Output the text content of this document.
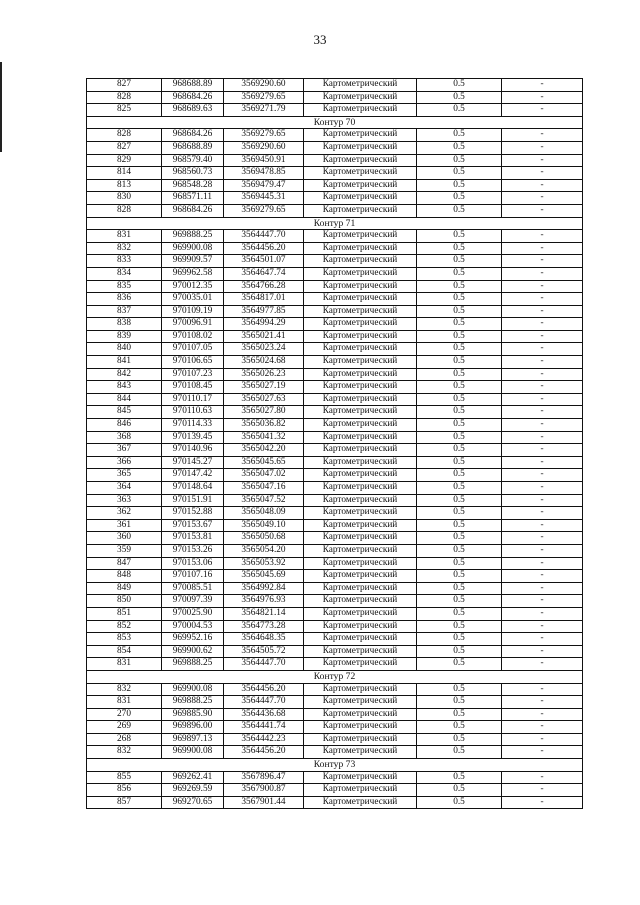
33
827	968688.89	3569290.60	Картометрический	0.5	-
828	968684.26	3569279.65	Картометрический	0.5	-
825	968689.63	3569271.79	Картометрический	0.5	-
Контур 70					
828	968684.26	3569279.65	Картометрический	0.5	-
827	968688.89	3569290.60	Картометрический	0.5	-
829	968579.40	3569450.91	Картометрический	0.5	-
814	968560.73	3569478.85	Картометрический	0.5	-
813	968548.28	3569479.47	Картометрический	0.5	-
830	968571.11	3569445.31	Картометрический	0.5	-
828	968684.26	3569279.65	Картометрический	0.5	-
Контур 71					
831	969888.25	3564447.70	Картометрический	0.5	-
832	969900.08	3564456.20	Картометрический	0.5	-
833	969909.57	3564501.07	Картометрический	0.5	-
834	969962.58	3564647.74	Картометрический	0.5	-
835	970012.35	3564766.28	Картометрический	0.5	-
836	970035.01	3564817.01	Картометрический	0.5	-
837	970109.19	3564977.85	Картометрический	0.5	-
838	970096.91	3564994.29	Картометрический	0.5	-
839	970108.02	3565021.41	Картометрический	0.5	-
840	970107.05	3565023.24	Картометрический	0.5	-
841	970106.65	3565024.68	Картометрический	0.5	-
842	970107.23	3565026.23	Картометрический	0.5	-
843	970108.45	3565027.19	Картометрический	0.5	-
844	970110.17	3565027.63	Картометрический	0.5	-
845	970110.63	3565027.80	Картометрический	0.5	-
846	970114.33	3565036.82	Картометрический	0.5	-
368	970139.45	3565041.32	Картометрический	0.5	-
367	970140.96	3565042.20	Картометрический	0.5	-
366	970145.27	3565045.65	Картометрический	0.5	-
365	970147.42	3565047.02	Картометрический	0.5	-
364	970148.64	3565047.16	Картометрический	0.5	-
363	970151.91	3565047.52	Картометрический	0.5	-
362	970152.88	3565048.09	Картометрический	0.5	-
361	970153.67	3565049.10	Картометрический	0.5	-
360	970153.81	3565050.68	Картометрический	0.5	-
359	970153.26	3565054.20	Картометрический	0.5	-
847	970153.06	3565053.92	Картометрический	0.5	-
848	970107.16	3565045.69	Картометрический	0.5	-
849	970085.51	3564992.84	Картометрический	0.5	-
850	970097.39	3564976.93	Картометрический	0.5	-
851	970025.90	3564821.14	Картометрический	0.5	-
852	970004.53	3564773.28	Картометрический	0.5	-
853	969952.16	3564648.35	Картометрический	0.5	-
854	969900.62	3564505.72	Картометрический	0.5	-
831	969888.25	3564447.70	Картометрический	0.5	-
Контур 72					
832	969900.08	3564456.20	Картометрический	0.5	-
831	969888.25	3564447.70	Картометрический	0.5	-
270	969885.90	3564436.68	Картометрический	0.5	-
269	969896.00	3564441.74	Картометрический	0.5	-
268	969897.13	3564442.23	Картометрический	0.5	-
832	969900.08	3564456.20	Картометрический	0.5	-
Контур 73					
855	969262.41	3567896.47	Картометрический	0.5	-
856	969269.59	3567900.87	Картометрический	0.5	-
857	969270.65	3567901.44	Картометрический	0.5	-
